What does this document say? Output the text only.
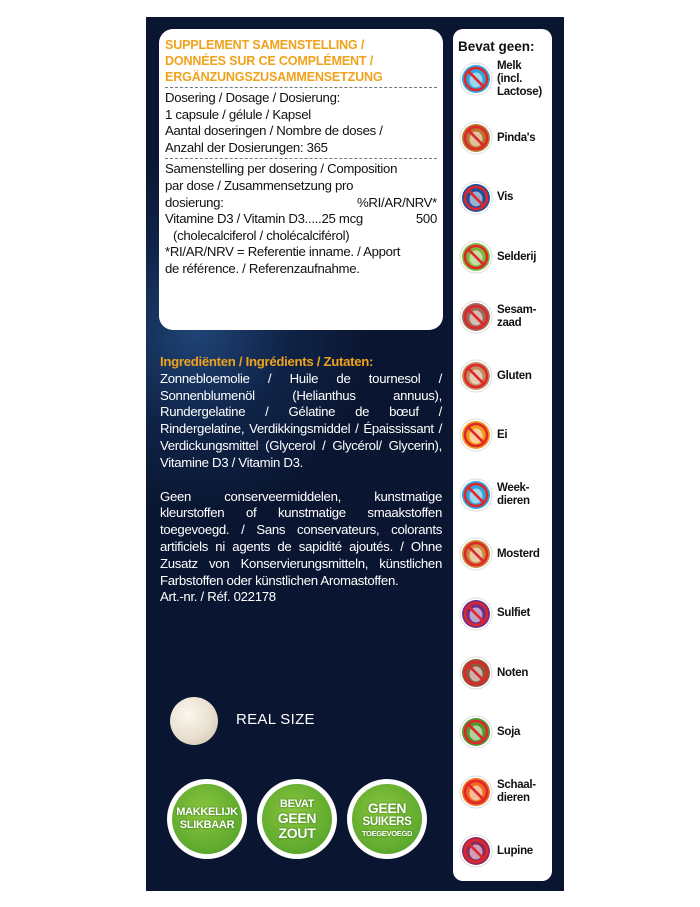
SUPPLEMENT SAMENSTELLING /
DONNÉES SUR CE COMPLÉMENT /
ERGÄNZUNGSZUSAMMENSETZUNG

Dosering / Dosage / Dosierung:

1 capsule / gélule / Kapsel

Aantal doseringen / Nombre de doses /

Anzahl der Dosierungen: 365

Samenstelling per dosering / Composition

par dose / Zusammensetzung pro

dosierung:	%RI/AR/NRV*

Vitamine D3 / Vitamin D3.....25 mcg	500

(cholecalciferol / cholécalciférol)

*RI/AR/NRV = Referentie inname. / Apport

de référence. / Referenzaufnahme.

Ingrediënten / Ingrédients / Zutaten:

Zonnebloemolie / Huile de tournesol / Sonnenblumenöl (Helianthus annuus), Rundergelatine / Gélatine de bœuf / Rindergelatine, Verdikkingsmiddel / Épaississant / Verdickungsmittel (Glycerol / Glycérol/ Glycerin), Vitamine D3 / Vitamin D3.

Geen conserveermiddelen, kunstmatige kleurstoffen of kunstmatige smaakstoffen toegevoegd. / Sans conservateurs, colorants artificiels ni agents de sapidité ajoutés. / Ohne Zusatz von Konservierungsmitteln, künstlichen Farbstoffen oder künstlichen Aromastoffen.

Art.-nr. / Réf. 022178

REAL SIZE
MAKKELIJK
SLIKBAAR
BEVAT
GEEN
ZOUT
GEEN
SUIKERS
TOEGEVOEGD
Bevat geen:
Melk
(incl.
Lactose)
Pinda's
Vis
Selderij
Sesam-
zaad
Gluten
Ei
Week-
dieren
Mosterd
Sulfiet
Noten
Soja
Schaal-
dieren
Lupine
